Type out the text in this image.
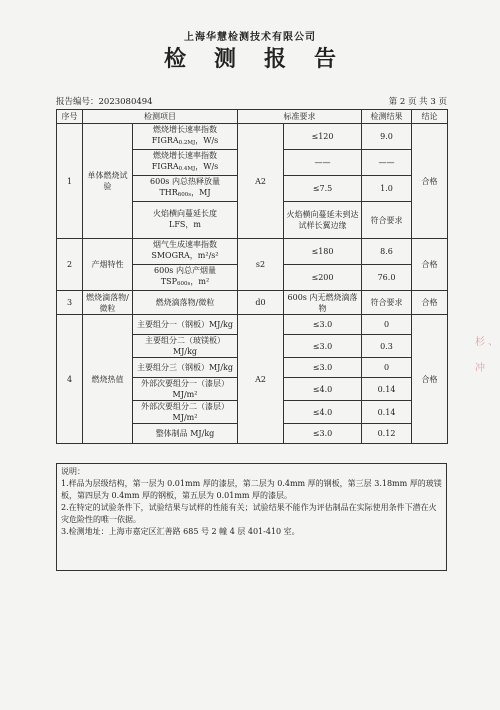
上海华慧检测技术有限公司
检测报告
报告编号：2023080494	第 2 页 共 3 页
序号	检测项目		标准要求		检测结果	结论
1	单体燃烧试验	燃烧增长速率指数
FIGRA0.2MJ，W/s	A2	≤120	9.0	合格

		燃烧增长速率指数
FIGRA0.4MJ，W/s		——	——	

		600s 内总热释放量
THR600s，MJ		≤7.5	1.0	

		火焰横向蔓延长度
LFS，m		火焰横向蔓延未到达试样长翼边缘	符合要求	
2	产烟特性	烟气生成速率指数
SMOGRA，m²/s²	s2	≤180	8.6	合格

		600s 内总产烟量
TSP600s，m²		≤200	76.0	
3	燃烧滴落物/微粒	燃烧滴落物/微粒	d0	600s 内无燃烧滴落物	符合要求	合格
4	燃烧热值	主要组分一（钢板）MJ/kg	A2	≤3.0	0	合格
		主要组分二（玻镁板）MJ/kg		≤3.0	0.3	
		主要组分三（钢板）MJ/kg		≤3.0	0	
		外部次要组分一（漆层）MJ/m²		≤4.0	0.14	
		外部次要组分二（漆层）MJ/m²		≤4.0	0.14	
		整体制品 MJ/kg		≤3.0	0.12	

说明：

1.样品为层级结构，第一层为 0.01mm 厚的漆层，第二层为 0.4mm 厚的钢板，第三层 3.18mm 厚的玻镁板，第四层为 0.4mm 厚的钢板，第五层为 0.01mm 厚的漆层。

2.在特定的试验条件下，试验结果与试样的性能有关；试验结果不能作为评估制品在实际使用条件下潜在火灾危险性的唯一依据。

3.检测地址：上海市嘉定区汇善路 685 号 2 幢 4 层 401-410 室。

杉 、 冲
